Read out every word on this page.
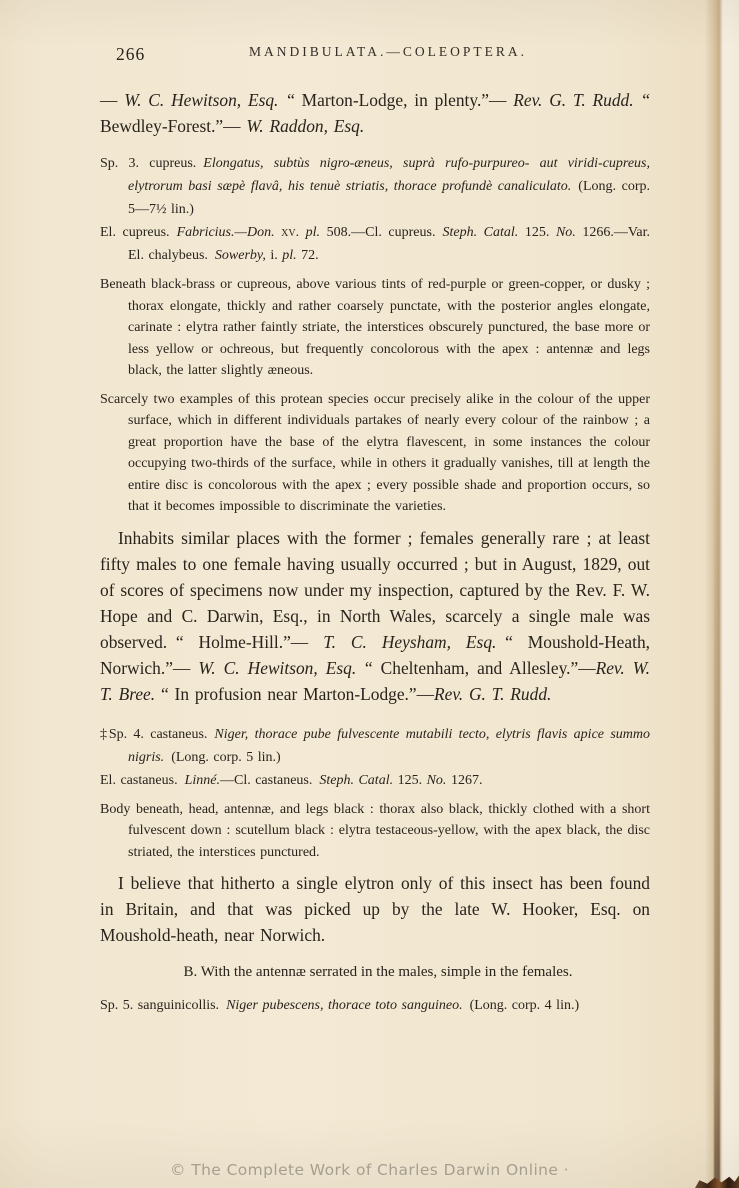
266	MANDIBULATA.—COLEOPTERA.

— W. C. Hewitson, Esq. “ Marton-Lodge, in plenty.”— Rev. G. T. Rudd. “ Bewdley-Forest.”— W. Raddon, Esq.

Sp. 3. cupreus. Elongatus, subtùs nigro-æneus, suprà rufo-purpureo- aut viridi-cupreus, elytrorum basi sæpè flavâ, his tenuè striatis, thorace profundè canaliculato. (Long. corp. 5—7½ lin.)

El. cupreus. Fabricius.—Don. xv. pl. 508.—Cl. cupreus. Steph. Catal. 125. No. 1266.—Var. El. chalybeus. Sowerby, i. pl. 72.

Beneath black-brass or cupreous, above various tints of red-purple or green-copper, or dusky ; thorax elongate, thickly and rather coarsely punctate, with the posterior angles elongate, carinate : elytra rather faintly striate, the interstices obscurely punctured, the base more or less yellow or ochreous, but frequently concolorous with the apex : antennæ and legs black, the latter slightly æneous.

Scarcely two examples of this protean species occur precisely alike in the colour of the upper surface, which in different individuals partakes of nearly every colour of the rainbow ; a great proportion have the base of the elytra flavescent, in some instances the colour occupying two-thirds of the surface, while in others it gradually vanishes, till at length the entire disc is concolorous with the apex ; every possible shade and proportion occurs, so that it becomes impossible to discriminate the varieties.

Inhabits similar places with the former ; females generally rare ; at least fifty males to one female having usually occurred ; but in August, 1829, out of scores of specimens now under my inspection, captured by the Rev. F. W. Hope and C. Darwin, Esq., in North Wales, scarcely a single male was observed. “ Holme-Hill.”— T. C. Heysham, Esq. “ Moushold-Heath, Norwich.”— W. C. Hewitson, Esq. “ Cheltenham, and Allesley.”—Rev. W. T. Bree. “ In profusion near Marton-Lodge.”—Rev. G. T. Rudd.

‡Sp. 4. castaneus. Niger, thorace pube fulvescente mutabili tecto, elytris flavis apice summo nigris. (Long. corp. 5 lin.)

El. castaneus. Linné.—Cl. castaneus. Steph. Catal. 125. No. 1267.

Body beneath, head, antennæ, and legs black : thorax also black, thickly clothed with a short fulvescent down : scutellum black : elytra testaceous-yellow, with the apex black, the disc striated, the interstices punctured.

I believe that hitherto a single elytron only of this insect has been found in Britain, and that was picked up by the late W. Hooker, Esq. on Moushold-heath, near Norwich.

B. With the antennæ serrated in the males, simple in the females.

Sp. 5. sanguinicollis. Niger pubescens, thorace toto sanguineo. (Long. corp. 4 lin.)

© The Complete Work of Charles Darwin Online ·
